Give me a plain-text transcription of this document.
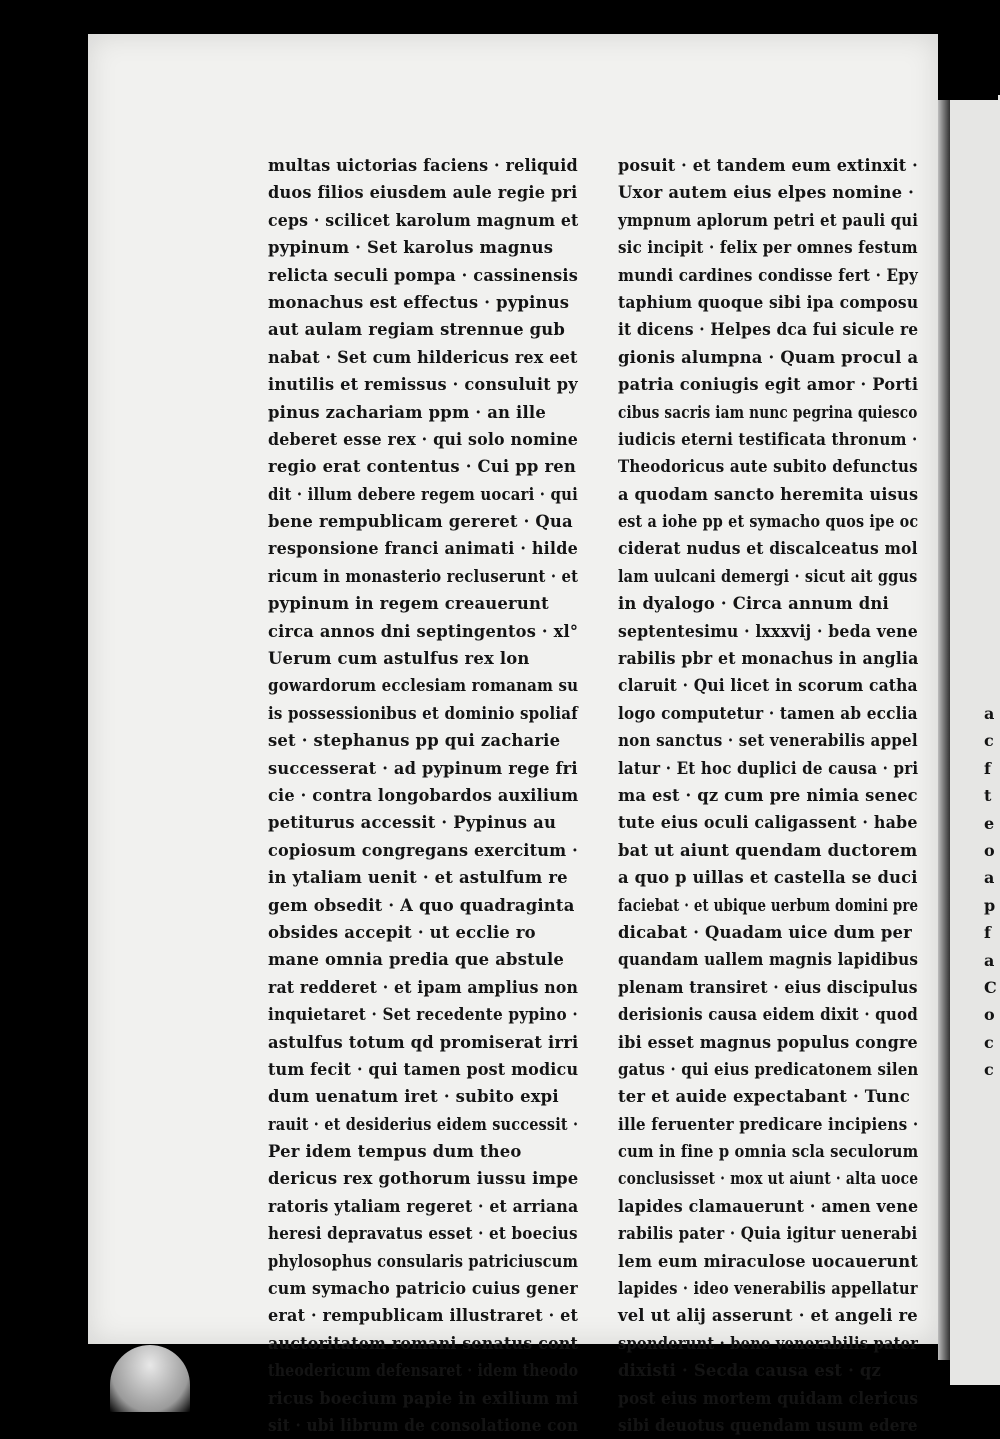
multas uictorias faciens · reliquid
duos filios eiusdem aule regie pri
ceps · scilicet karolum magnum et
pypinum · Set karolus magnus
relicta seculi pompa · cassinensis
monachus est effectus · pypinus
aut aulam regiam strennue gub
nabat · Set cum hildericus rex eet
inutilis et remissus · consuluit py
pinus zachariam ppm · an ille
deberet esse rex · qui solo nomine
regio erat contentus · Cui pp ren
dit · illum debere regem uocari · qui
bene rempublicam gereret · Qua
responsione franci animati · hilde
ricum in monasterio recluserunt · et
pypinum in regem creauerunt
circa annos dni septingentos · xl°
Uerum cum astulfus rex lon
gowardorum ecclesiam romanam su
is possessionibus et dominio spoliaf
set · stephanus pp qui zacharie
successerat · ad pypinum rege fri
cie · contra longobardos auxilium
petiturus accessit · Pypinus au
copiosum congregans exercitum ·
in ytaliam uenit · et astulfum re
gem obsedit · A quo quadraginta
obsides accepit · ut ecclie ro
mane omnia predia que abstule
rat redderet · et ipam amplius non
inquietaret · Set recedente pypino ·
astulfus totum qd promiserat irri
tum fecit · qui tamen post modicu
dum uenatum iret · subito expi
rauit · et desiderius eidem successit ·
Per idem tempus dum theo
dericus rex gothorum iussu impe
ratoris ytaliam regeret · et arriana
heresi depravatus esset · et boecius
phylosophus consularis patriciuscum
cum symacho patricio cuius gener
erat · rempublicam illustraret · et
auctoritatem romani senatus cont
theodericum defensaret · idem theodo
ricus boecium papie in exilium mi
sit · ubi librum de consolatione con
posuit · et tandem eum extinxit ·
Uxor autem eius elpes nomine ·
ympnum aplorum petri et pauli qui
sic incipit · felix per omnes festum
mundi cardines condisse fert · Epy
taphium quoque sibi ipa composu
it dicens · Helpes dca fui sicule re
gionis alumpna · Quam procul a
patria coniugis egit amor · Porti
cibus sacris iam nunc pegrina quiesco
iudicis eterni testificata thronum ·
Theodoricus aute subito defunctus
a quodam sancto heremita uisus
est a iohe pp et symacho quos ipe oc
ciderat nudus et discalceatus mol
lam uulcani demergi · sicut ait ggus
in dyalogo · Circa annum dni
septentesimu · lxxxvij · beda vene
rabilis pbr et monachus in anglia
claruit · Qui licet in scorum catha
logo computetur · tamen ab ecclia
non sanctus · set venerabilis appel
latur · Et hoc duplici de causa · pri
ma est · qz cum pre nimia senec
tute eius oculi caligassent · habe
bat ut aiunt quendam ductorem
a quo p uillas et castella se duci
faciebat · et ubique uerbum domini pre
dicabat · Quadam uice dum per
quandam uallem magnis lapidibus
plenam transiret · eius discipulus
derisionis causa eidem dixit · quod
ibi esset magnus populus congre
gatus · qui eius predicatonem silen
ter et auide expectabant · Tunc
ille feruenter predicare incipiens ·
cum in fine p omnia scla seculorum
conclusisset · mox ut aiunt · alta uoce
lapides clamauerunt · amen vene
rabilis pater · Quia igitur uenerabi
lem eum miraculose uocauerunt
lapides · ideo venerabilis appellatur
vel ut alij asserunt · et angeli re
sponderunt · bene venerabilis pater
dixisti · Secda causa est · qz
post eius mortem quidam clericus
sibi deuotus quendam usum edere
a
c
f
t
e
o
a
p
f
a
C
o
c
c
